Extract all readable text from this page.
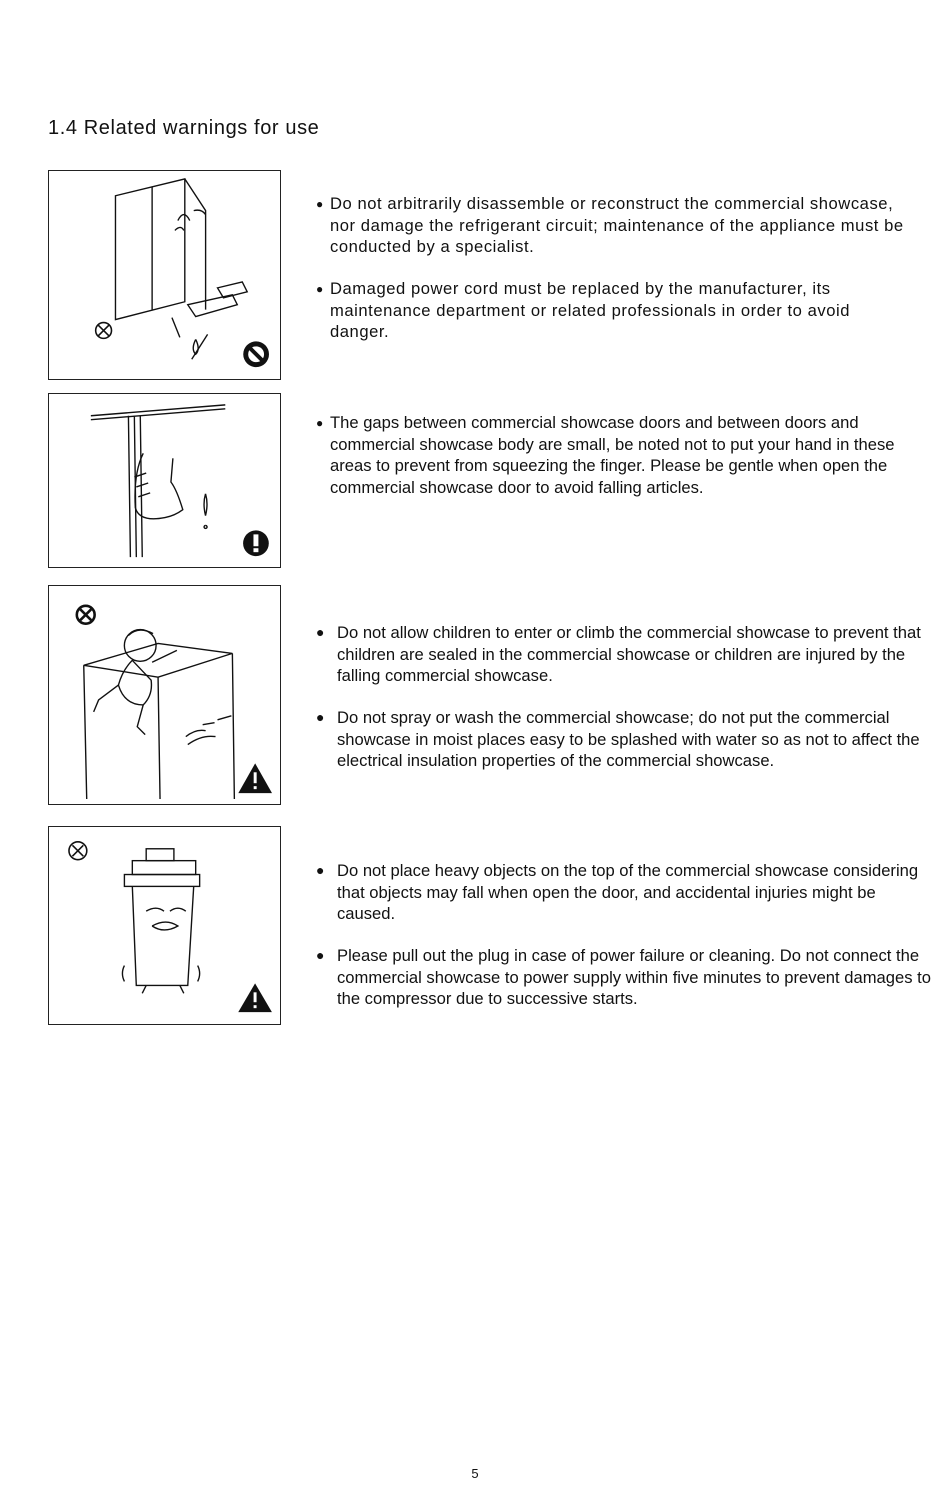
1.4 Related warnings for use
● Do not arbitrarily disassemble or reconstruct the commercial showcase, nor damage the refrigerant circuit; maintenance of the appliance must be conducted by a specialist.
● Damaged power cord must be replaced by the manufacturer, its maintenance department or related professionals in order to avoid danger.
● The gaps between commercial showcase doors and between doors and commercial showcase body are small, be noted not to put your hand in these areas to prevent from squeezing the finger. Please be gentle when open the commercial showcase door to avoid falling articles.
● Do not allow children to enter or climb the commercial showcase to prevent that children are sealed in the commercial showcase or children are injured by the falling commercial showcase.
● Do not spray or wash the commercial showcase; do not put the commercial showcase in moist places easy to be splashed with water so as not to affect the electrical insulation properties of the commercial showcase.
● Do not place heavy objects on the top of the commercial showcase considering that objects may fall when open the door, and accidental injuries might be caused.
● Please pull out the plug in case of power failure or cleaning. Do not connect the commercial showcase to power supply within five minutes to prevent damages to the compressor due to successive starts.
5
